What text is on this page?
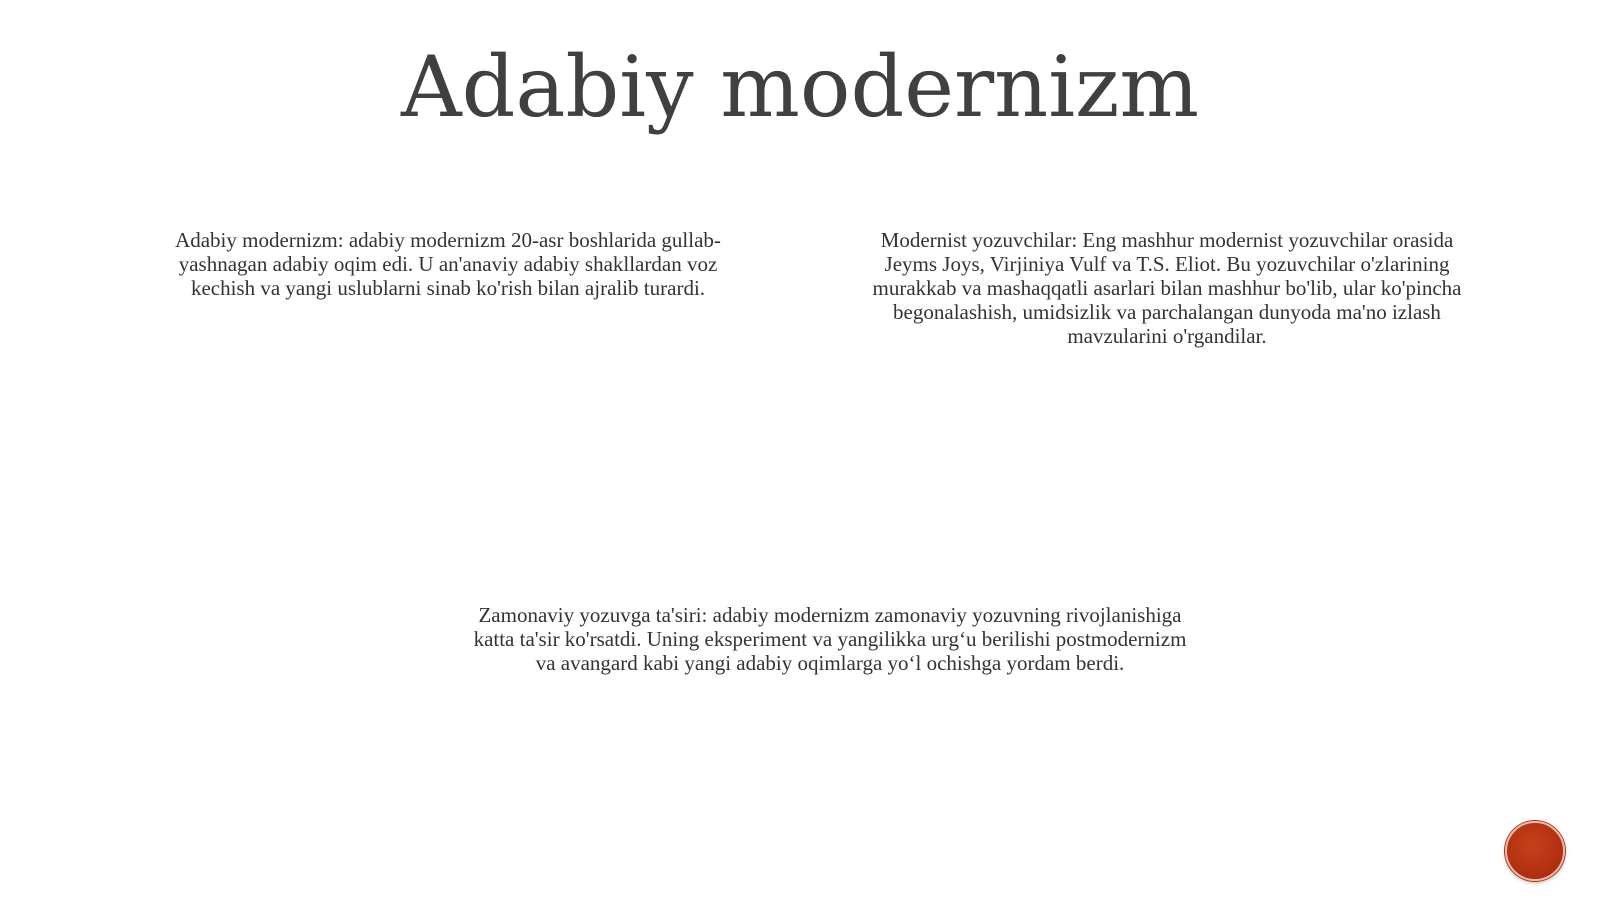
Adabiy modernizm

Adabiy modernizm: adabiy modernizm 20-asr boshlarida gullab-yashnagan adabiy oqim edi. U an'anaviy adabiy shakllardan voz kechish va yangi uslublarni sinab ko'rish bilan ajralib turardi.

Modernist yozuvchilar: Eng mashhur modernist yozuvchilar orasida Jeyms Joys, Virjiniya Vulf va T.S. Eliot. Bu yozuvchilar o'zlarining murakkab va mashaqqatli asarlari bilan mashhur bo'lib, ular ko'pincha begonalashish, umidsizlik va parchalangan dunyoda ma'no izlash mavzularini o'rgandilar.

Zamonaviy yozuvga ta'siri: adabiy modernizm zamonaviy yozuvning rivojlanishiga katta ta'sir ko'rsatdi. Uning eksperiment va yangilikka urg‘u berilishi postmodernizm va avangard kabi yangi adabiy oqimlarga yo‘l ochishga yordam berdi.
